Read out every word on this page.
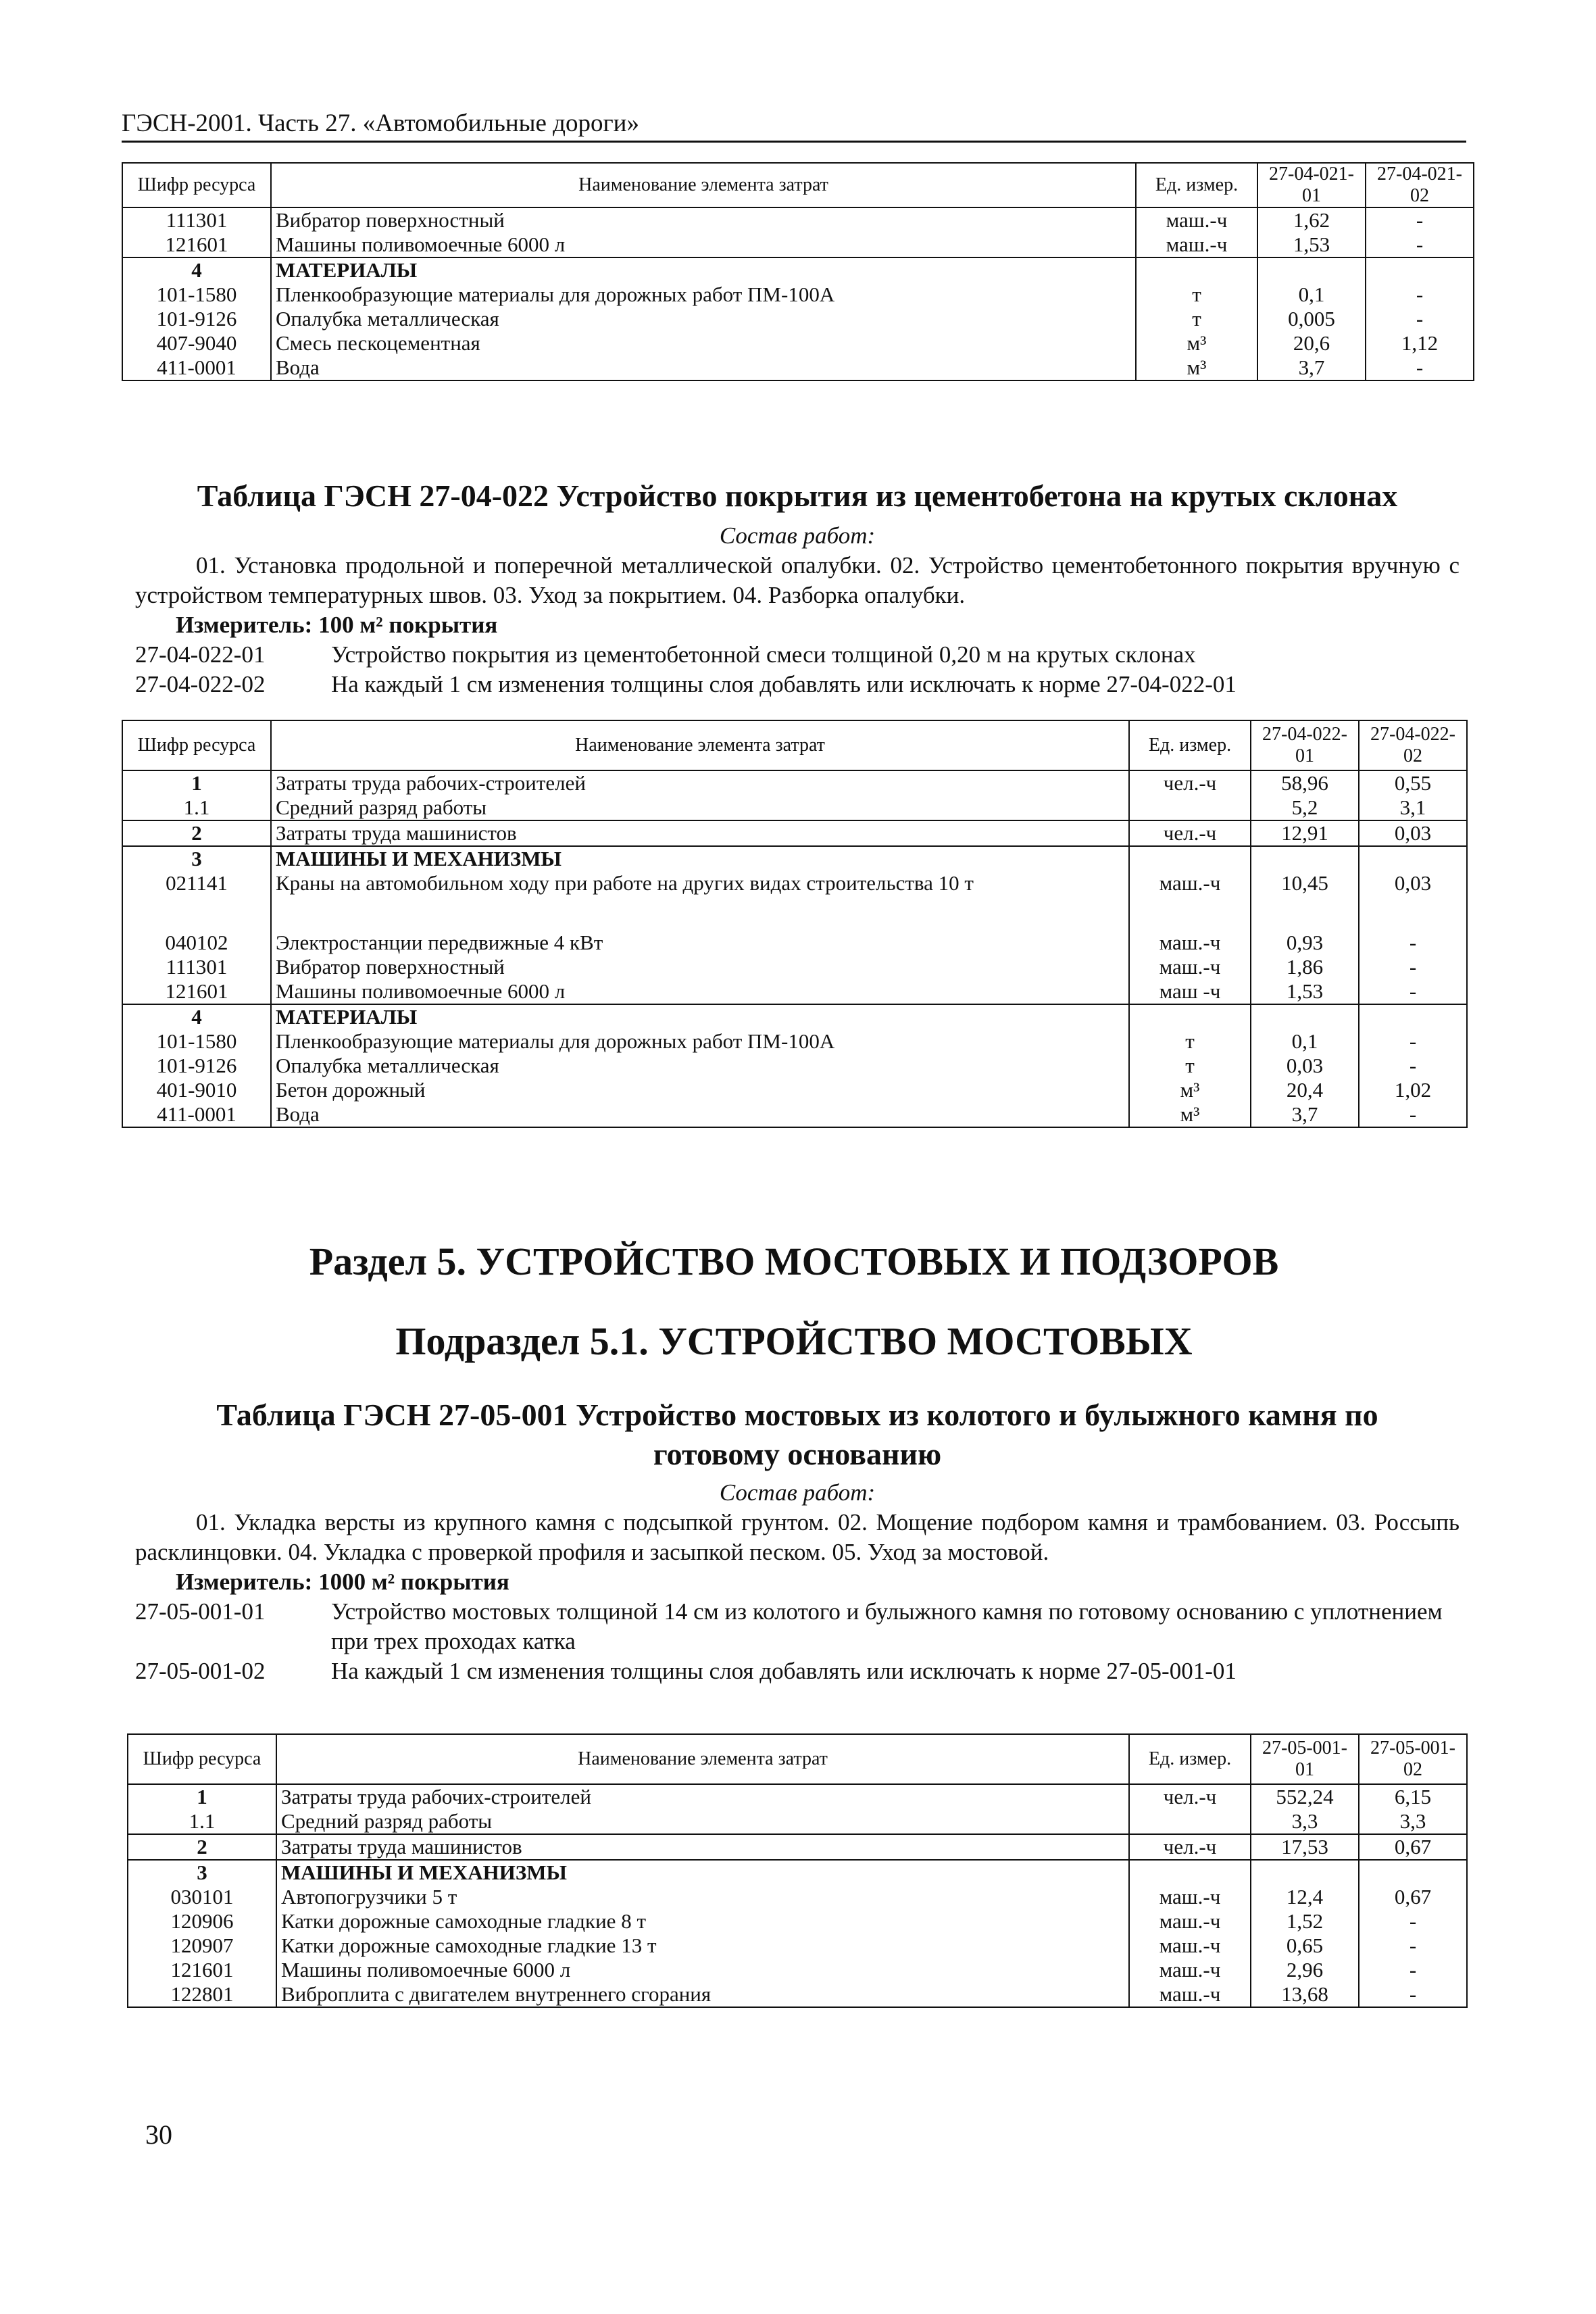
ГЭСН-2001. Часть 27. «Автомобильные дороги»
Шифр ресурса	Наименование элемента затрат	Ед. измер.	27-04-021-01	27-04-021-02
111301	Вибратор поверхностный	маш.-ч	1,62	-
121601	Машины поливомоечные 6000 л	маш.-ч	1,53	-
4	МАТЕРИАЛЫ			
101-1580	Пленкообразующие материалы для дорожных работ ПМ-100А	т	0,1	-
101-9126	Опалубка металлическая	т	0,005	-
407-9040	Смесь пескоцементная	м³	20,6	1,12
411-0001	Вода	м³	3,7	-
Таблица ГЭСН 27-04-022 Устройство покрытия из цементобетона на крутых склонах
Состав работ:
01. Установка продольной и поперечной металлической опалубки. 02. Устройство цементобетонного покрытия вручную с устройством температурных швов. 03. Уход за покрытием. 04. Разборка опалубки.
Измеритель: 100 м² покрытия
27-04-022-01	Устройство покрытия из цементобетонной смеси толщиной 0,20 м на крутых склонах
27-04-022-02	На каждый 1 см изменения толщины слоя добавлять или исключать к норме 27-04-022-01
Шифр ресурса	Наименование элемента затрат	Ед. измер.	27-04-022-01	27-04-022-02
1	Затраты труда рабочих-строителей	чел.-ч	58,96	0,55
1.1	Средний разряд работы		5,2	3,1
2	Затраты труда машинистов	чел.-ч	12,91	0,03
3	МАШИНЫ И МЕХАНИЗМЫ			
021141	Краны на автомобильном ходу при работе на других видах строительства 10 т	маш.-ч	10,45	0,03
040102	Электростанции передвижные 4 кВт	маш.-ч	0,93	-
111301	Вибратор поверхностный	маш.-ч	1,86	-
121601	Машины поливомоечные 6000 л	маш -ч	1,53	-
4	МАТЕРИАЛЫ			
101-1580	Пленкообразующие материалы для дорожных работ ПМ-100А	т	0,1	-
101-9126	Опалубка металлическая	т	0,03	-
401-9010	Бетон дорожный	м³	20,4	1,02
411-0001	Вода	м³	3,7	-
Раздел 5. УСТРОЙСТВО МОСТОВЫХ И ПОДЗОРОВ
Подраздел 5.1. УСТРОЙСТВО МОСТОВЫХ
Таблица ГЭСН 27-05-001 Устройство мостовых из колотого и булыжного камня по готовому основанию
Состав работ:
01. Укладка версты из крупного камня с подсыпкой грунтом. 02. Мощение подбором камня и трамбованием. 03. Россыпь расклинцовки. 04. Укладка с проверкой профиля и засыпкой песком. 05. Уход за мостовой.
Измеритель: 1000 м² покрытия
27-05-001-01	Устройство мостовых толщиной 14 см из колотого и булыжного камня по готовому основанию с уплотнением при трех проходах катка
27-05-001-02	На каждый 1 см изменения толщины слоя добавлять или исключать к норме 27-05-001-01
Шифр ресурса	Наименование элемента затрат	Ед. измер.	27-05-001-01	27-05-001-02
1	Затраты труда рабочих-строителей	чел.-ч	552,24	6,15
1.1	Средний разряд работы		3,3	3,3
2	Затраты труда машинистов	чел.-ч	17,53	0,67
3	МАШИНЫ И МЕХАНИЗМЫ			
030101	Автопогрузчики 5 т	маш.-ч	12,4	0,67
120906	Катки дорожные самоходные гладкие 8 т	маш.-ч	1,52	-
120907	Катки дорожные самоходные гладкие 13 т	маш.-ч	0,65	-
121601	Машины поливомоечные 6000 л	маш.-ч	2,96	-
122801	Виброплита с двигателем внутреннего сгорания	маш.-ч	13,68	-
30
